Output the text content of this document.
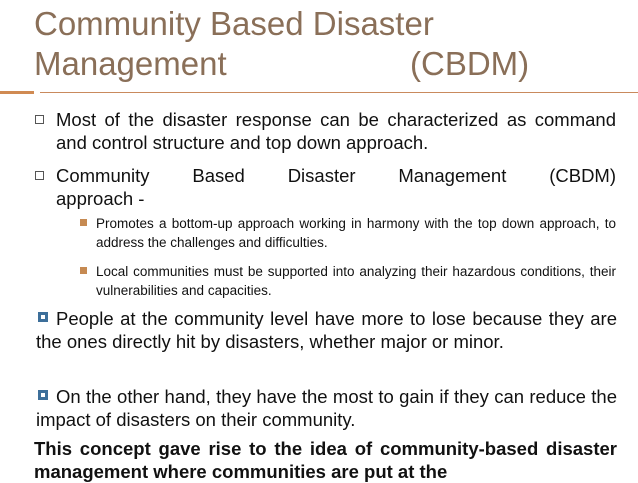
Community Based Disaster
Management	(CBDM)
Most of the disaster response can be characterized as command and control structure and top down approach.
Community Based Disaster Management (CBDM)
approach -
Promotes a bottom-up approach working in harmony with the top down approach, to address the challenges and difficulties.
Local communities must be supported into analyzing their hazardous conditions, their vulnerabilities and capacities.
People at the community level have more to lose because they are the ones directly hit by disasters, whether major or minor.
On the other hand, they have the most to gain if they can reduce the impact of disasters on their community.
This concept gave rise to the idea of community-based disaster management where communities are put at the
